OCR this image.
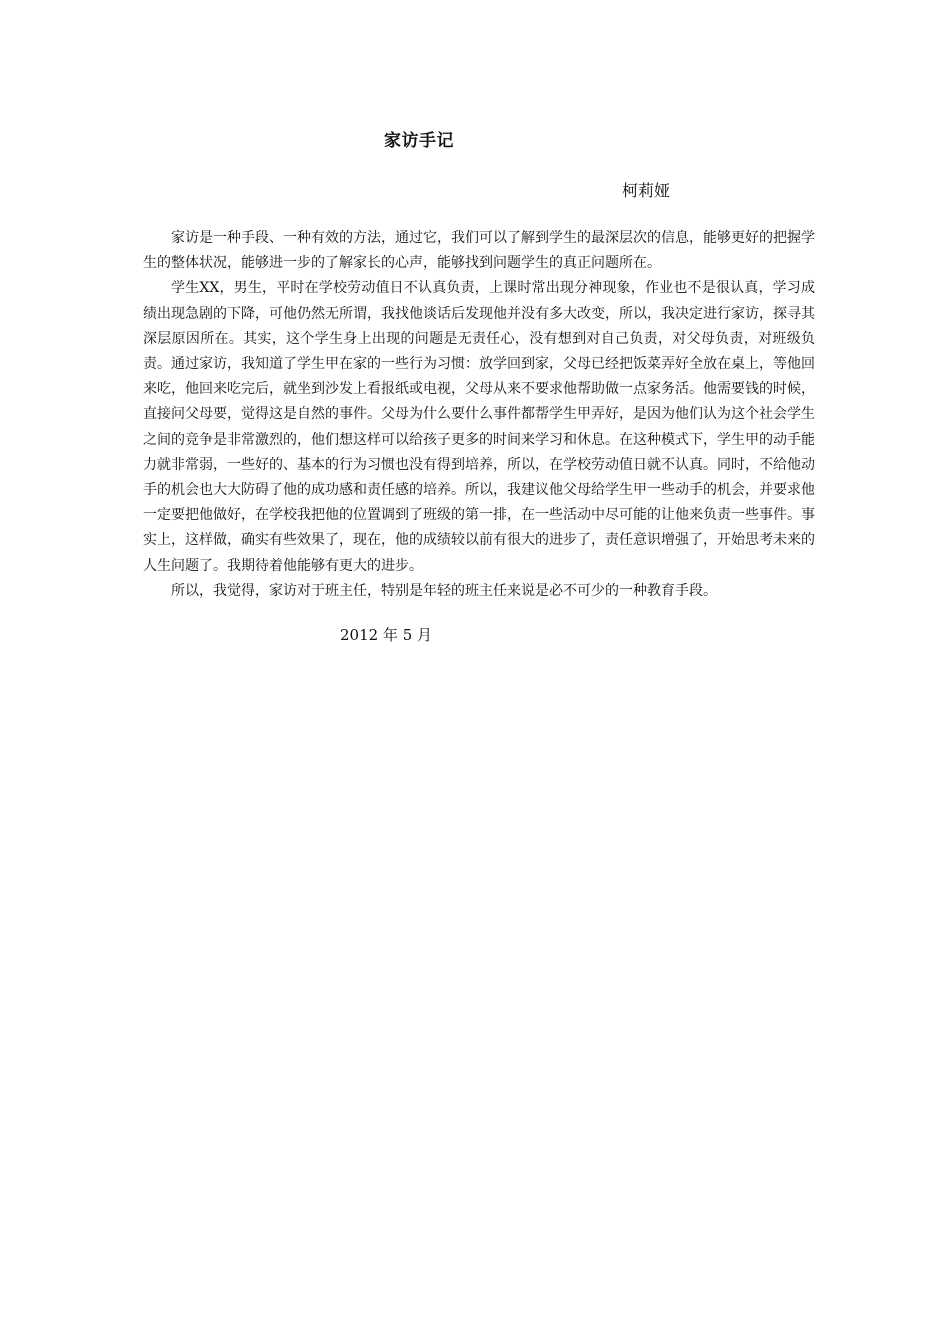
家访手记
柯莉娅

家访是一种手段、一种有效的方法，通过它，我们可以了解到学生的最深层次的信息，能够更好的把握学生的整体状况，能够进一步的了解家长的心声，能够找到问题学生的真正问题所在。

学生XX，男生，平时在学校劳动值日不认真负责，上课时常出现分神现象，作业也不是很认真，学习成绩出现急剧的下降，可他仍然无所谓，我找他谈话后发现他并没有多大改变，所以，我决定进行家访，探寻其深层原因所在。其实，这个学生身上出现的问题是无责任心，没有想到对自己负责，对父母负责，对班级负责。通过家访，我知道了学生甲在家的一些行为习惯：放学回到家，父母已经把饭菜弄好全放在桌上，等他回来吃，他回来吃完后，就坐到沙发上看报纸或电视，父母从来不要求他帮助做一点家务活。他需要钱的时候，直接问父母要，觉得这是自然的事件。父母为什么要什么事件都帮学生甲弄好，是因为他们认为这个社会学生之间的竞争是非常激烈的，他们想这样可以给孩子更多的时间来学习和休息。在这种模式下，学生甲的动手能力就非常弱，一些好的、基本的行为习惯也没有得到培养，所以，在学校劳动值日就不认真。同时，不给他动手的机会也大大防碍了他的成功感和责任感的培养。所以，我建议他父母给学生甲一些动手的机会，并要求他一定要把他做好，在学校我把他的位置调到了班级的第一排，在一些活动中尽可能的让他来负责一些事件。事实上，这样做，确实有些效果了，现在，他的成绩较以前有很大的进步了，责任意识增强了，开始思考未来的人生问题了。我期待着他能够有更大的进步。

所以，我觉得，家访对于班主任，特别是年轻的班主任来说是必不可少的一种教育手段。

2012 年 5 月
